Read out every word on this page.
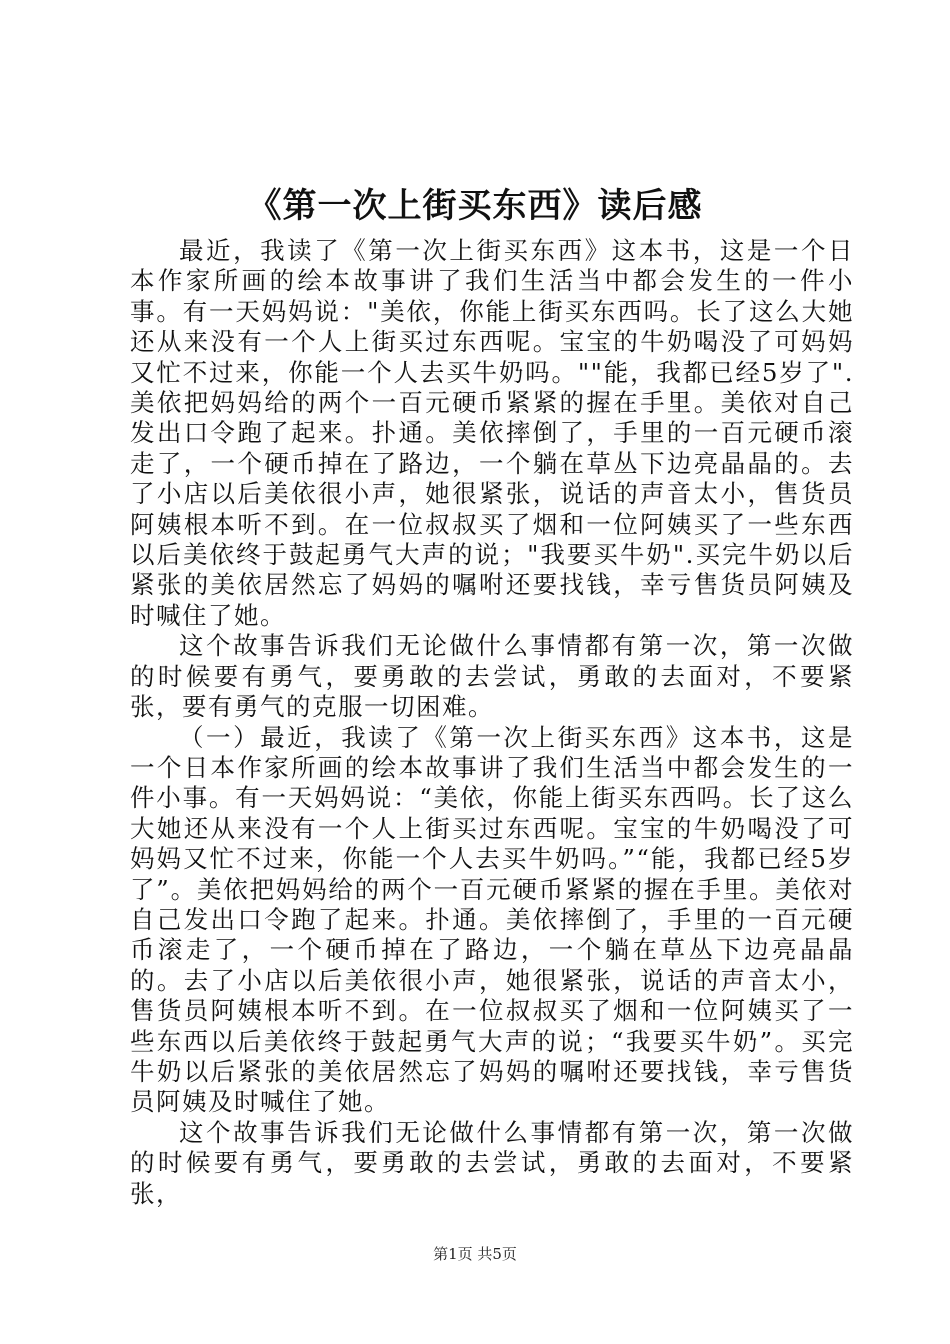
《第一次上街买东西》读后感

最近，我读了《第一次上街买东西》这本书，这是一个日本作家所画的绘本故事讲了我们生活当中都会发生的一件小事。有一天妈妈说："美依，你能上街买东西吗。长了这么大她还从来没有一个人上街买过东西呢。宝宝的牛奶喝没了可妈妈又忙不过来，你能一个人去买牛奶吗。""能，我都已经5岁了".美依把妈妈给的两个一百元硬币紧紧的握在手里。美依对自己发出口令跑了起来。扑通。美依摔倒了，手里的一百元硬币滚走了，一个硬币掉在了路边，一个躺在草丛下边亮晶晶的。去了小店以后美依很小声，她很紧张，说话的声音太小，售货员阿姨根本听不到。在一位叔叔买了烟和一位阿姨买了一些东西以后美依终于鼓起勇气大声的说；"我要买牛奶".买完牛奶以后紧张的美依居然忘了妈妈的嘱咐还要找钱，幸亏售货员阿姨及时喊住了她。

这个故事告诉我们无论做什么事情都有第一次，第一次做的时候要有勇气，要勇敢的去尝试，勇敢的去面对，不要紧张，要有勇气的克服一切困难。

（一）最近，我读了《第一次上街买东西》这本书，这是一个日本作家所画的绘本故事讲了我们生活当中都会发生的一件小事。有一天妈妈说：“美依，你能上街买东西吗。长了这么大她还从来没有一个人上街买过东西呢。宝宝的牛奶喝没了可妈妈又忙不过来，你能一个人去买牛奶吗。”“能，我都已经5岁了”。美依把妈妈给的两个一百元硬币紧紧的握在手里。美依对自己发出口令跑了起来。扑通。美依摔倒了，手里的一百元硬币滚走了，一个硬币掉在了路边，一个躺在草丛下边亮晶晶的。去了小店以后美依很小声，她很紧张，说话的声音太小，售货员阿姨根本听不到。在一位叔叔买了烟和一位阿姨买了一些东西以后美依终于鼓起勇气大声的说；“我要买牛奶”。买完牛奶以后紧张的美依居然忘了妈妈的嘱咐还要找钱，幸亏售货员阿姨及时喊住了她。

这个故事告诉我们无论做什么事情都有第一次，第一次做的时候要有勇气，要勇敢的去尝试，勇敢的去面对，不要紧张，

第1页 共5页
